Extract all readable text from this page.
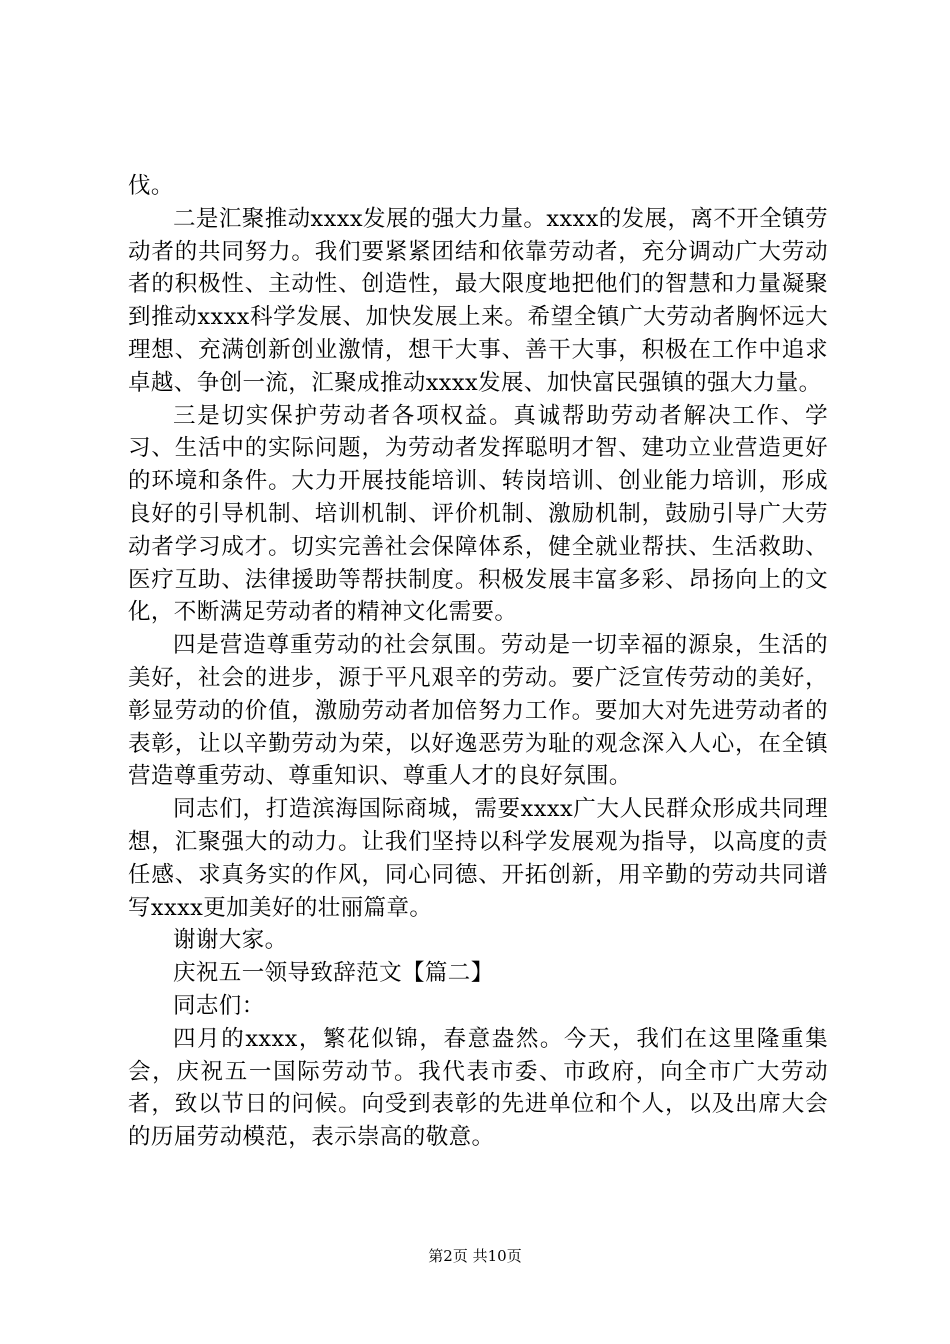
伐。

二是汇聚推动xxxx发展的强大力量。xxxx的发展，离不开全镇劳动者的共同努力。我们要紧紧团结和依靠劳动者，充分调动广大劳动者的积极性、主动性、创造性，最大限度地把他们的智慧和力量凝聚到推动xxxx科学发展、加快发展上来。希望全镇广大劳动者胸怀远大理想、充满创新创业激情，想干大事、善干大事，积极在工作中追求卓越、争创一流，汇聚成推动xxxx发展、加快富民强镇的强大力量。

三是切实保护劳动者各项权益。真诚帮助劳动者解决工作、学习、生活中的实际问题，为劳动者发挥聪明才智、建功立业营造更好的环境和条件。大力开展技能培训、转岗培训、创业能力培训，形成良好的引导机制、培训机制、评价机制、激励机制，鼓励引导广大劳动者学习成才。切实完善社会保障体系，健全就业帮扶、生活救助、医疗互助、法律援助等帮扶制度。积极发展丰富多彩、昂扬向上的文化，不断满足劳动者的精神文化需要。

四是营造尊重劳动的社会氛围。劳动是一切幸福的源泉，生活的美好，社会的进步，源于平凡艰辛的劳动。要广泛宣传劳动的美好，彰显劳动的价值，激励劳动者加倍努力工作。要加大对先进劳动者的表彰，让以辛勤劳动为荣，以好逸恶劳为耻的观念深入人心，在全镇营造尊重劳动、尊重知识、尊重人才的良好氛围。

同志们，打造滨海国际商城，需要xxxx广大人民群众形成共同理想，汇聚强大的动力。让我们坚持以科学发展观为指导，以高度的责任感、求真务实的作风，同心同德、开拓创新，用辛勤的劳动共同谱写xxxx更加美好的壮丽篇章。

谢谢大家。

庆祝五一领导致辞范文【篇二】

同志们：

四月的xxxx，繁花似锦，春意盎然。今天，我们在这里隆重集会，庆祝五一国际劳动节。我代表市委、市政府，向全市广大劳动者，致以节日的问候。向受到表彰的先进单位和个人，以及出席大会的历届劳动模范，表示崇高的敬意。

第2页 共10页
